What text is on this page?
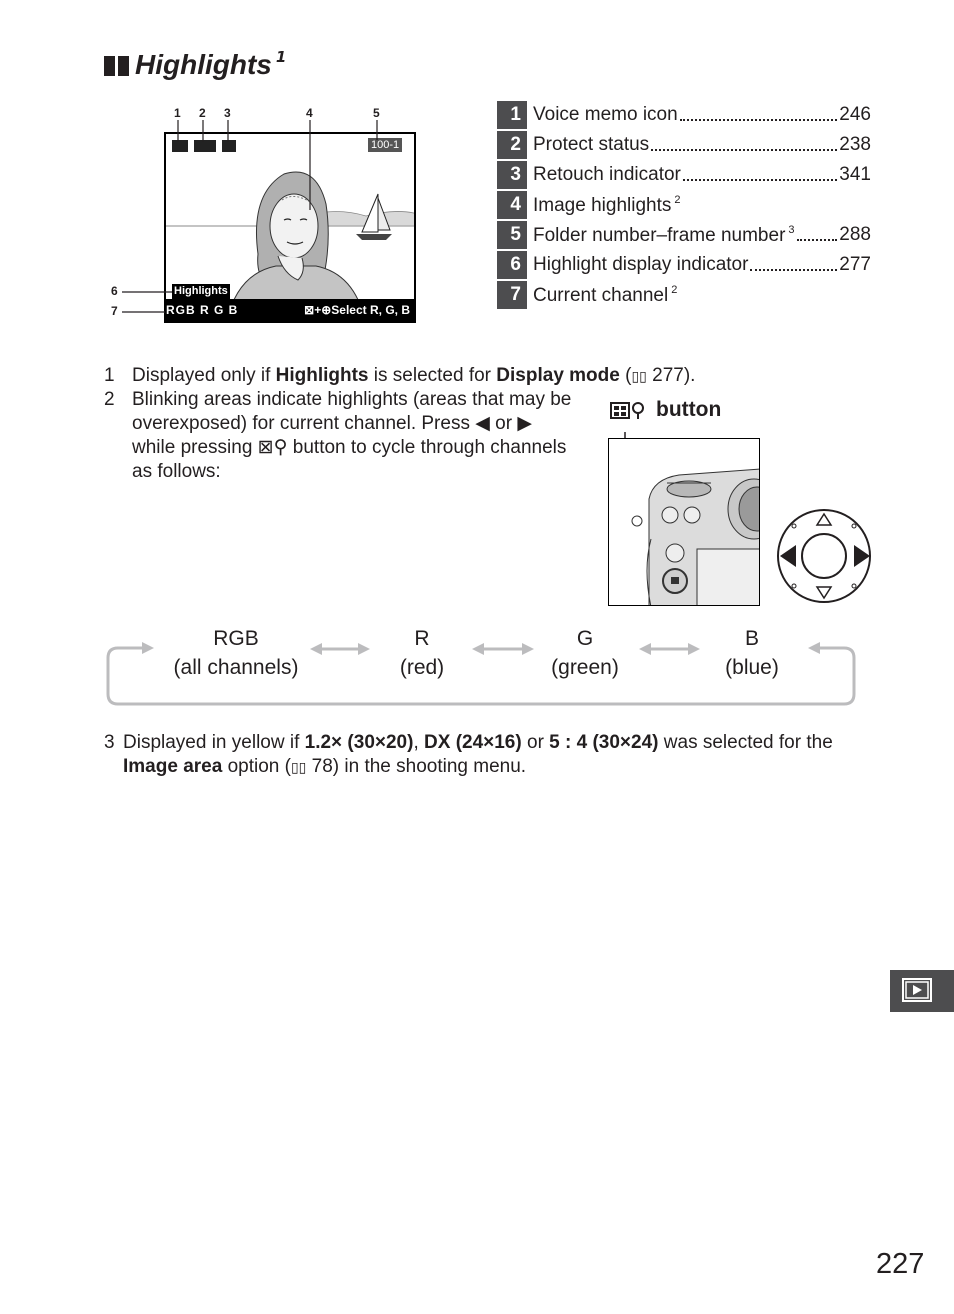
Highlights 1
1 2 3	4	5
6
7
100-1
Highlights
RGB R G B	⊠+⊕Select R, G, B
1 Voice memo icon	246
2 Protect status	238
3 Retouch indicator	341
4 Image highlights $^2$
5 Folder number–frame number $^3$ 288
6 Highlight display indicator	277
7 Current channel $^2$
1 Displayed only if Highlights is selected for Display mode (▯▯ 277).
2 Blinking areas indicate highlights (areas that may be
overexposed) for current channel. Press ◀ or ▶
while pressing ⊠⚲ button to cycle through channels
as follows:
button
RGB
(all channels)
R
(red)
G
(green)
B
(blue)
3 Displayed in yellow if 1.2× (30×20), DX (24×16) or 5 : 4 (30×24) was selected for the
Image area option (▯▯ 78) in the shooting menu.
227
